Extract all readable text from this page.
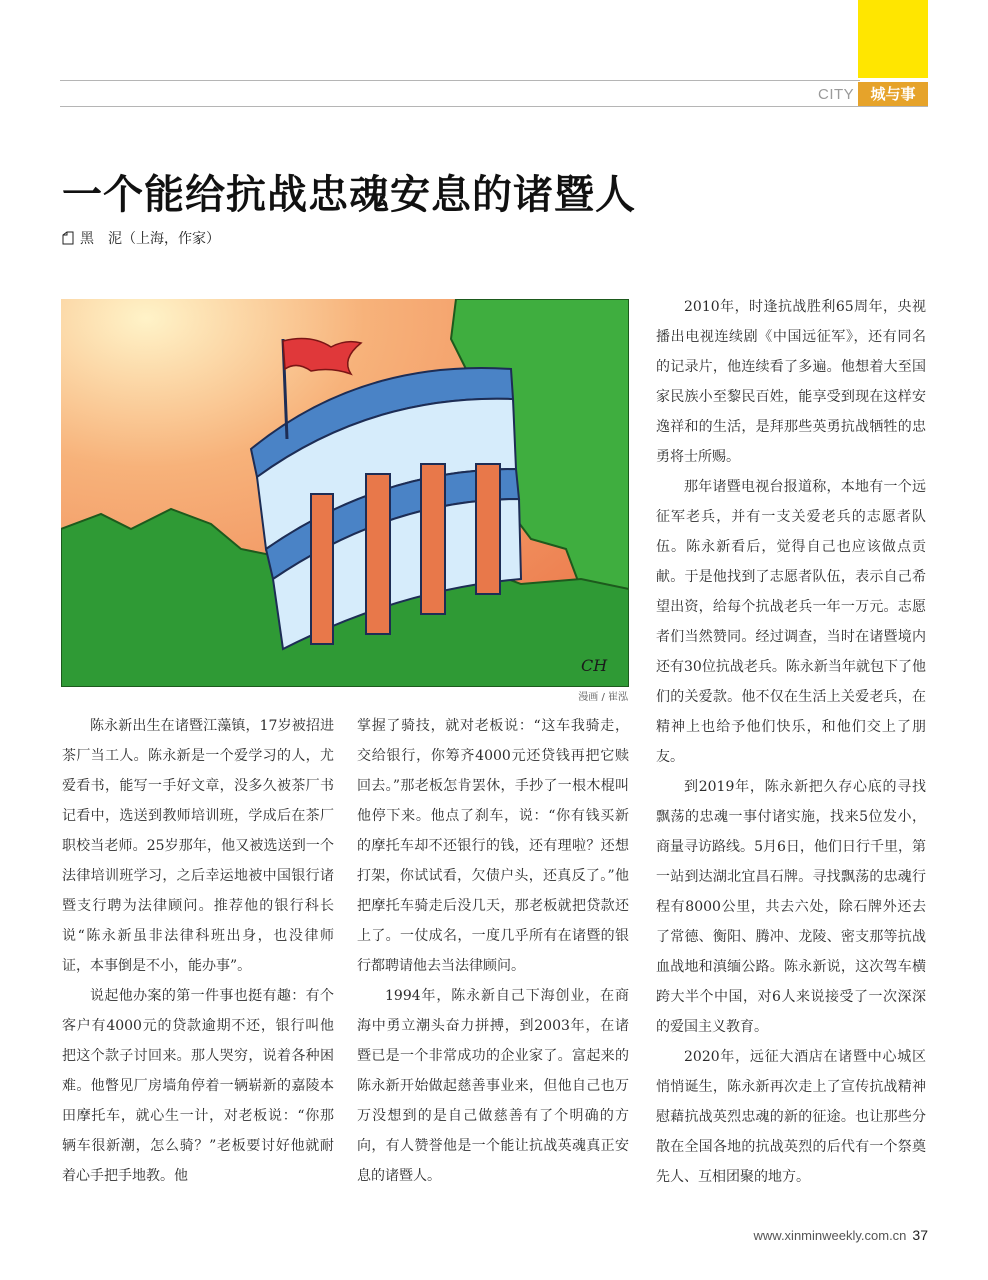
CITY	城与事
一个能给抗战忠魂安息的诸暨人
黑　泥（上海，作家）
CH
漫画 / 崔泓

陈永新出生在诸暨江藻镇，17岁被招进茶厂当工人。陈永新是一个爱学习的人，尤爱看书，能写一手好文章，没多久被茶厂书记看中，选送到教师培训班，学成后在茶厂职校当老师。25岁那年，他又被选送到一个法律培训班学习，之后幸运地被中国银行诸暨支行聘为法律顾问。推荐他的银行科长说“陈永新虽非法律科班出身，也没律师证，本事倒是不小，能办事”。

说起他办案的第一件事也挺有趣：有个客户有4000元的贷款逾期不还，银行叫他把这个款子讨回来。那人哭穷，说着各种困难。他瞥见厂房墙角停着一辆崭新的嘉陵本田摩托车，就心生一计，对老板说：“你那辆车很新潮，怎么骑？”老板要讨好他就耐着心手把手地教。他

掌握了骑技，就对老板说：“这车我骑走，交给银行，你筹齐4000元还贷钱再把它赎回去。”那老板怎肯罢休，手抄了一根木棍叫他停下来。他点了刹车，说：“你有钱买新的摩托车却不还银行的钱，还有理啦？还想打架，你试试看，欠债户头，还真反了。”他把摩托车骑走后没几天，那老板就把贷款还上了。一仗成名，一度几乎所有在诸暨的银行都聘请他去当法律顾问。

1994年，陈永新自己下海创业，在商海中勇立潮头奋力拼搏，到2003年，在诸暨已是一个非常成功的企业家了。富起来的陈永新开始做起慈善事业来，但他自己也万万没想到的是自己做慈善有了个明确的方向，有人赞誉他是一个能让抗战英魂真正安息的诸暨人。

2010年，时逢抗战胜利65周年，央视播出电视连续剧《中国远征军》，还有同名的记录片，他连续看了多遍。他想着大至国家民族小至黎民百姓，能享受到现在这样安逸祥和的生活，是拜那些英勇抗战牺牲的忠勇将士所赐。

那年诸暨电视台报道称，本地有一个远征军老兵，并有一支关爱老兵的志愿者队伍。陈永新看后，觉得自己也应该做点贡献。于是他找到了志愿者队伍，表示自己希望出资，给每个抗战老兵一年一万元。志愿者们当然赞同。经过调查，当时在诸暨境内还有30位抗战老兵。陈永新当年就包下了他们的关爱款。他不仅在生活上关爱老兵，在精神上也给予他们快乐，和他们交上了朋友。

到2019年，陈永新把久存心底的寻找飘荡的忠魂一事付诸实施，找来5位发小，商量寻访路线。5月6日，他们日行千里，第一站到达湖北宜昌石牌。寻找飘荡的忠魂行程有8000公里，共去六处，除石牌外还去了常德、衡阳、腾冲、龙陵、密支那等抗战血战地和滇缅公路。陈永新说，这次驾车横跨大半个中国，对6人来说接受了一次深深的爱国主义教育。

2020年，远征大酒店在诸暨中心城区悄悄诞生，陈永新再次走上了宣传抗战精神慰藉抗战英烈忠魂的新的征途。也让那些分散在全国各地的抗战英烈的后代有一个祭奠先人、互相团聚的地方。

www.xinminweekly.com.cn 37
